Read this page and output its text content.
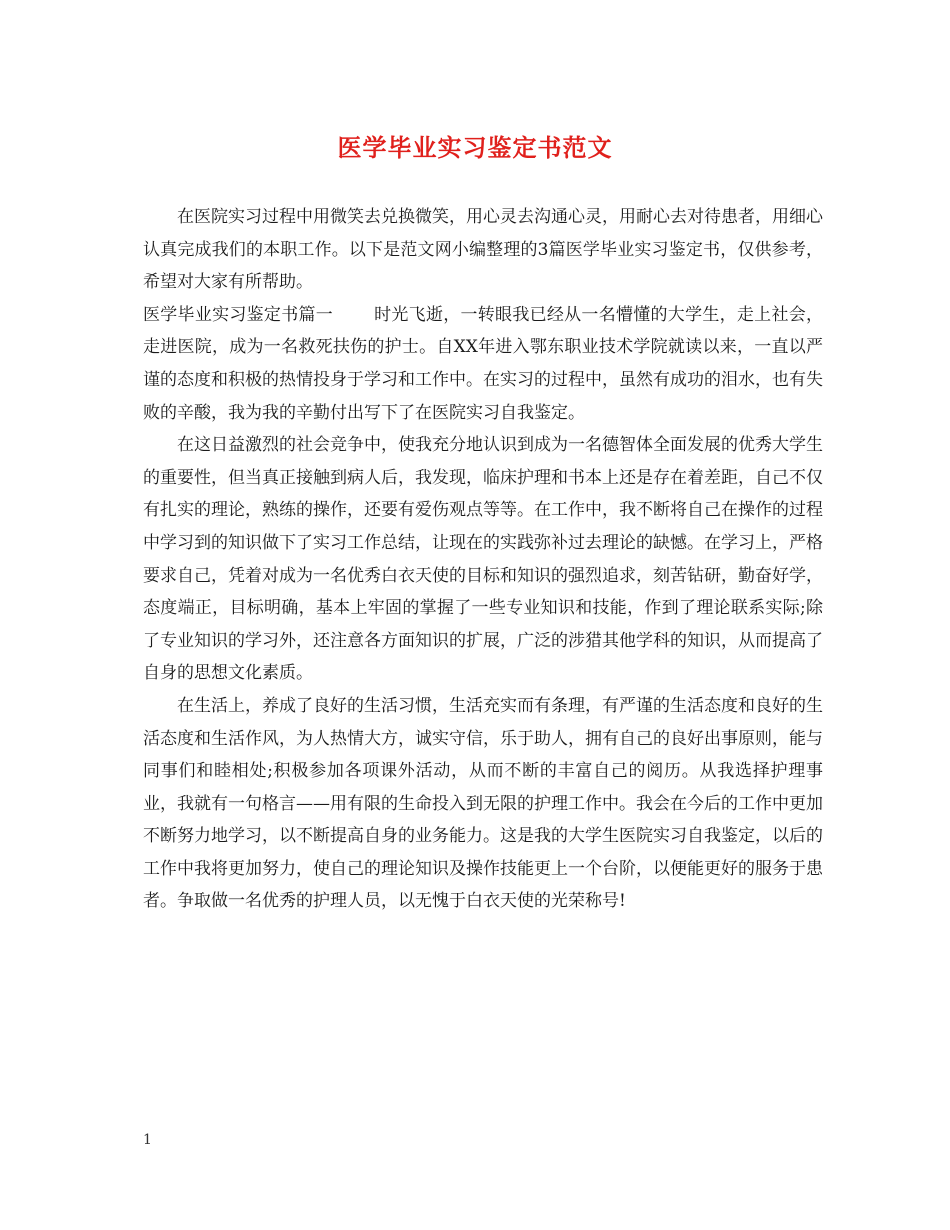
医学毕业实习鉴定书范文

在医院实习过程中用微笑去兑换微笑，用心灵去沟通心灵，用耐心去对待患者，用细心认真完成我们的本职工作。以下是范文网小编整理的3篇医学毕业实习鉴定书，仅供参考，希望对大家有所帮助。

医学毕业实习鉴定书篇一 时光飞逝，一转眼我已经从一名懵懂的大学生，走上社会，走进医院，成为一名救死扶伤的护士。自XX年进入鄂东职业技术学院就读以来，一直以严谨的态度和积极的热情投身于学习和工作中。在实习的过程中，虽然有成功的泪水，也有失败的辛酸，我为我的辛勤付出写下了在医院实习自我鉴定。

在这日益激烈的社会竞争中，使我充分地认识到成为一名德智体全面发展的优秀大学生的重要性，但当真正接触到病人后，我发现，临床护理和书本上还是存在着差距，自己不仅有扎实的理论，熟练的操作，还要有爱伤观点等等。在工作中，我不断将自己在操作的过程中学习到的知识做下了实习工作总结，让现在的实践弥补过去理论的缺憾。在学习上，严格要求自己，凭着对成为一名优秀白衣天使的目标和知识的强烈追求，刻苦钻研，勤奋好学，态度端正，目标明确，基本上牢固的掌握了一些专业知识和技能，作到了理论联系实际;除了专业知识的学习外，还注意各方面知识的扩展，广泛的涉猎其他学科的知识，从而提高了自身的思想文化素质。

在生活上，养成了良好的生活习惯，生活充实而有条理，有严谨的生活态度和良好的生活态度和生活作风，为人热情大方，诚实守信，乐于助人，拥有自己的良好出事原则，能与同事们和睦相处;积极参加各项课外活动，从而不断的丰富自己的阅历。从我选择护理事业，我就有一句格言——用有限的生命投入到无限的护理工作中。我会在今后的工作中更加不断努力地学习，以不断提高自身的业务能力。这是我的大学生医院实习自我鉴定，以后的工作中我将更加努力，使自己的理论知识及操作技能更上一个台阶，以便能更好的服务于患者。争取做一名优秀的护理人员，以无愧于白衣天使的光荣称号!

1
